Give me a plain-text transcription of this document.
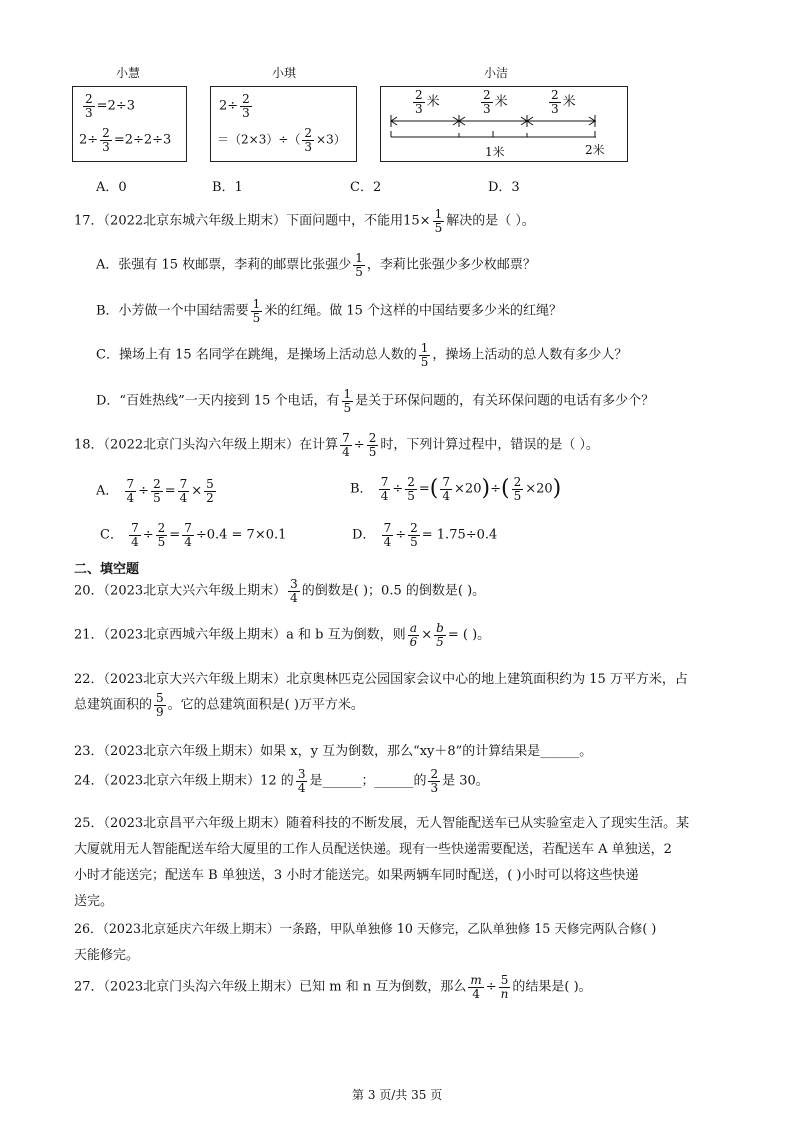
小慧	小琪	小洁
$\frac{2}{3} =2\div 3$
$2\div \frac{2}{3} =2\div 2\div 3$
$2\div \frac{2}{3}$
$=(2\times 3)\div( \frac{2}{3} \times 3)$
$\frac{2}{3}$ 米	$\frac{2}{3}$ 米	$\frac{2}{3}$ 米
1米	2米
A．0	B．1	C．2	D．3
17．（2022北京东城六年级上期末）下面问题中，不能用$15\times \frac{1}{5}$ 解决的是（ ）。
A．张强有 15 枚邮票，李莉的邮票比张强少 $\frac{1}{5}$ ，李莉比张强少多少枚邮票？
B．小芳做一个中国结需要 $\frac{1}{5}$ 米的红绳。做 15 个这样的中国结要多少米的红绳？
C．操场上有 15 名同学在跳绳，是操场上活动总人数的 $\frac{1}{5}$ ，操场上活动的总人数有多少人？
D．“百姓热线”一天内接到 15 个电话，有 $\frac{1}{5}$ 是关于环保问题的，有关环保问题的电话有多少个？
18．（2022北京门头沟六年级上期末）在计算 $\frac{7}{4} \div \frac{2}{5}$ 时，下列计算过程中，错误的是（ ）。
A． $\frac{7}{4} \div \frac{2}{5} = \frac{7}{4} \times \frac{5}{2}$	B． $\frac{7}{4} \div \frac{2}{5}$ =( $\frac{7}{4} \times 20)\div( \frac{2}{5} \times 20)$
C． $\frac{7}{4} \div \frac{2}{5} = \frac{7}{4} \div 0.4 = 7\times 0.1$	D． $\frac{7}{4} \div \frac{2}{5} = 1.75\div 0.4$
二、填空题
20．（2023北京大兴六年级上期末） $\frac{3}{4}$ 的倒数是( )；0.5 的倒数是( )。
21．（2023北京西城六年级上期末）a 和 b 互为倒数，则 $\frac{a}{6} \times \frac{b}{5}$ = ( )。
22．（2023北京大兴六年级上期末）北京奥林匹克公园国家会议中心的地上建筑面积约为 15 万平方米，占
总建筑面积的 $\frac{5}{9}$ 。它的总建筑面积是( )万平方米。
23．（2023北京六年级上期末）如果 x，y 互为倒数，那么“xy＋8”的计算结果是______。
24．（2023北京六年级上期末）12 的 $\frac{3}{4}$ 是______；______的 $\frac{2}{3}$ 是 30。
25．（2023北京昌平六年级上期末）随着科技的不断发展，无人智能配送车已从实验室走入了现实生活。某
大厦就用无人智能配送车给大厦里的工作人员配送快递。现有一些快递需要配送，若配送车 A 单独送，2
小时才能送完；配送车 B 单独送，3 小时才能送完。如果两辆车同时配送，( )小时可以将这些快递
送完。
26．（2023北京延庆六年级上期末）一条路，甲队单独修 10 天修完，乙队单独修 15 天修完两队合修( )
天能修完。
27．（2023北京门头沟六年级上期末）已知 m 和 n 互为倒数，那么 $\frac{m}{4} \div \frac{5}{n}$ 的结果是( )。
第 3 页/共 35 页
